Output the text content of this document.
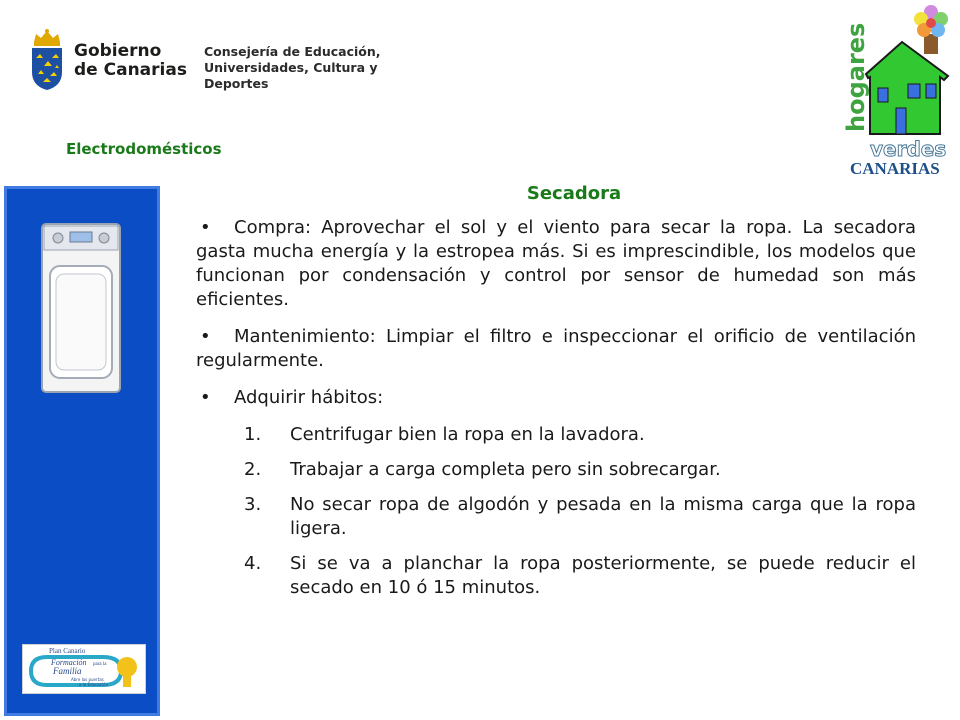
Gobierno
de Canarias
Consejería de Educación,
Universidades, Cultura y Deportes	hogares
verdes
CANARIAS
Electrodomésticos
Plan Canario
Formación para la
Familia
Abre las puertas
a la Educación
Secadora

• Compra: Aprovechar el sol y el viento para secar la ropa. La secadora gasta mucha energía y la estropea más. Si es imprescindible, los modelos que funcionan por condensación y control por sensor de humedad son más eficientes.

• Mantenimiento: Limpiar el filtro e inspeccionar el orificio de ventilación regularmente.

• Adquirir hábitos:
1. Centrifugar bien la ropa en la lavadora.
2. Trabajar a carga completa pero sin sobrecargar.
3. No secar ropa de algodón y pesada en la misma carga que la ropa ligera.
4. Si se va a planchar la ropa posteriormente, se puede reducir el secado en 10 ó 15 minutos.
